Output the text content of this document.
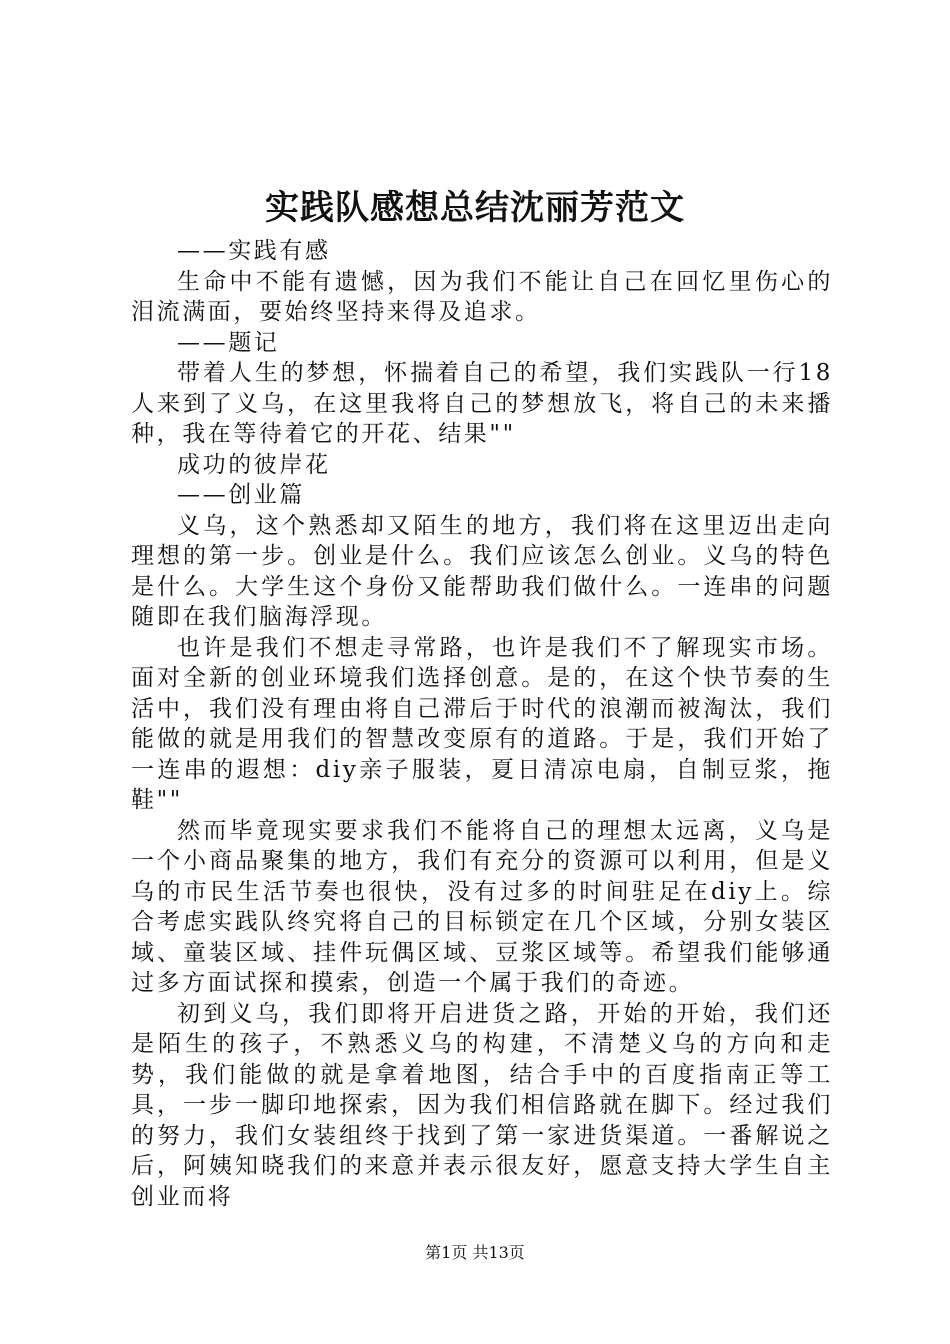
实践队感想总结沈丽芳范文

——实践有感

生命中不能有遗憾，因为我们不能让自己在回忆里伤心的泪流满面，要始终坚持来得及追求。

——题记

带着人生的梦想，怀揣着自己的希望，我们实践队一行18人来到了义乌，在这里我将自己的梦想放飞，将自己的未来播种，我在等待着它的开花、结果""

成功的彼岸花

——创业篇

义乌，这个熟悉却又陌生的地方，我们将在这里迈出走向理想的第一步。创业是什么。我们应该怎么创业。义乌的特色是什么。大学生这个身份又能帮助我们做什么。一连串的问题随即在我们脑海浮现。

也许是我们不想走寻常路，也许是我们不了解现实市场。面对全新的创业环境我们选择创意。是的，在这个快节奏的生活中，我们没有理由将自己滞后于时代的浪潮而被淘汰，我们能做的就是用我们的智慧改变原有的道路。于是，我们开始了一连串的遐想：diy亲子服装，夏日清凉电扇，自制豆浆，拖鞋""

然而毕竟现实要求我们不能将自己的理想太远离，义乌是一个小商品聚集的地方，我们有充分的资源可以利用，但是义乌的市民生活节奏也很快，没有过多的时间驻足在diy上。综合考虑实践队终究将自己的目标锁定在几个区域，分别女装区域、童装区域、挂件玩偶区域、豆浆区域等。希望我们能够通过多方面试探和摸索，创造一个属于我们的奇迹。

初到义乌，我们即将开启进货之路，开始的开始，我们还是陌生的孩子，不熟悉义乌的构建，不清楚义乌的方向和走势，我们能做的就是拿着地图，结合手中的百度指南正等工具，一步一脚印地探索，因为我们相信路就在脚下。经过我们的努力，我们女装组终于找到了第一家进货渠道。一番解说之后，阿姨知晓我们的来意并表示很友好，愿意支持大学生自主创业而将

第1页 共13页
